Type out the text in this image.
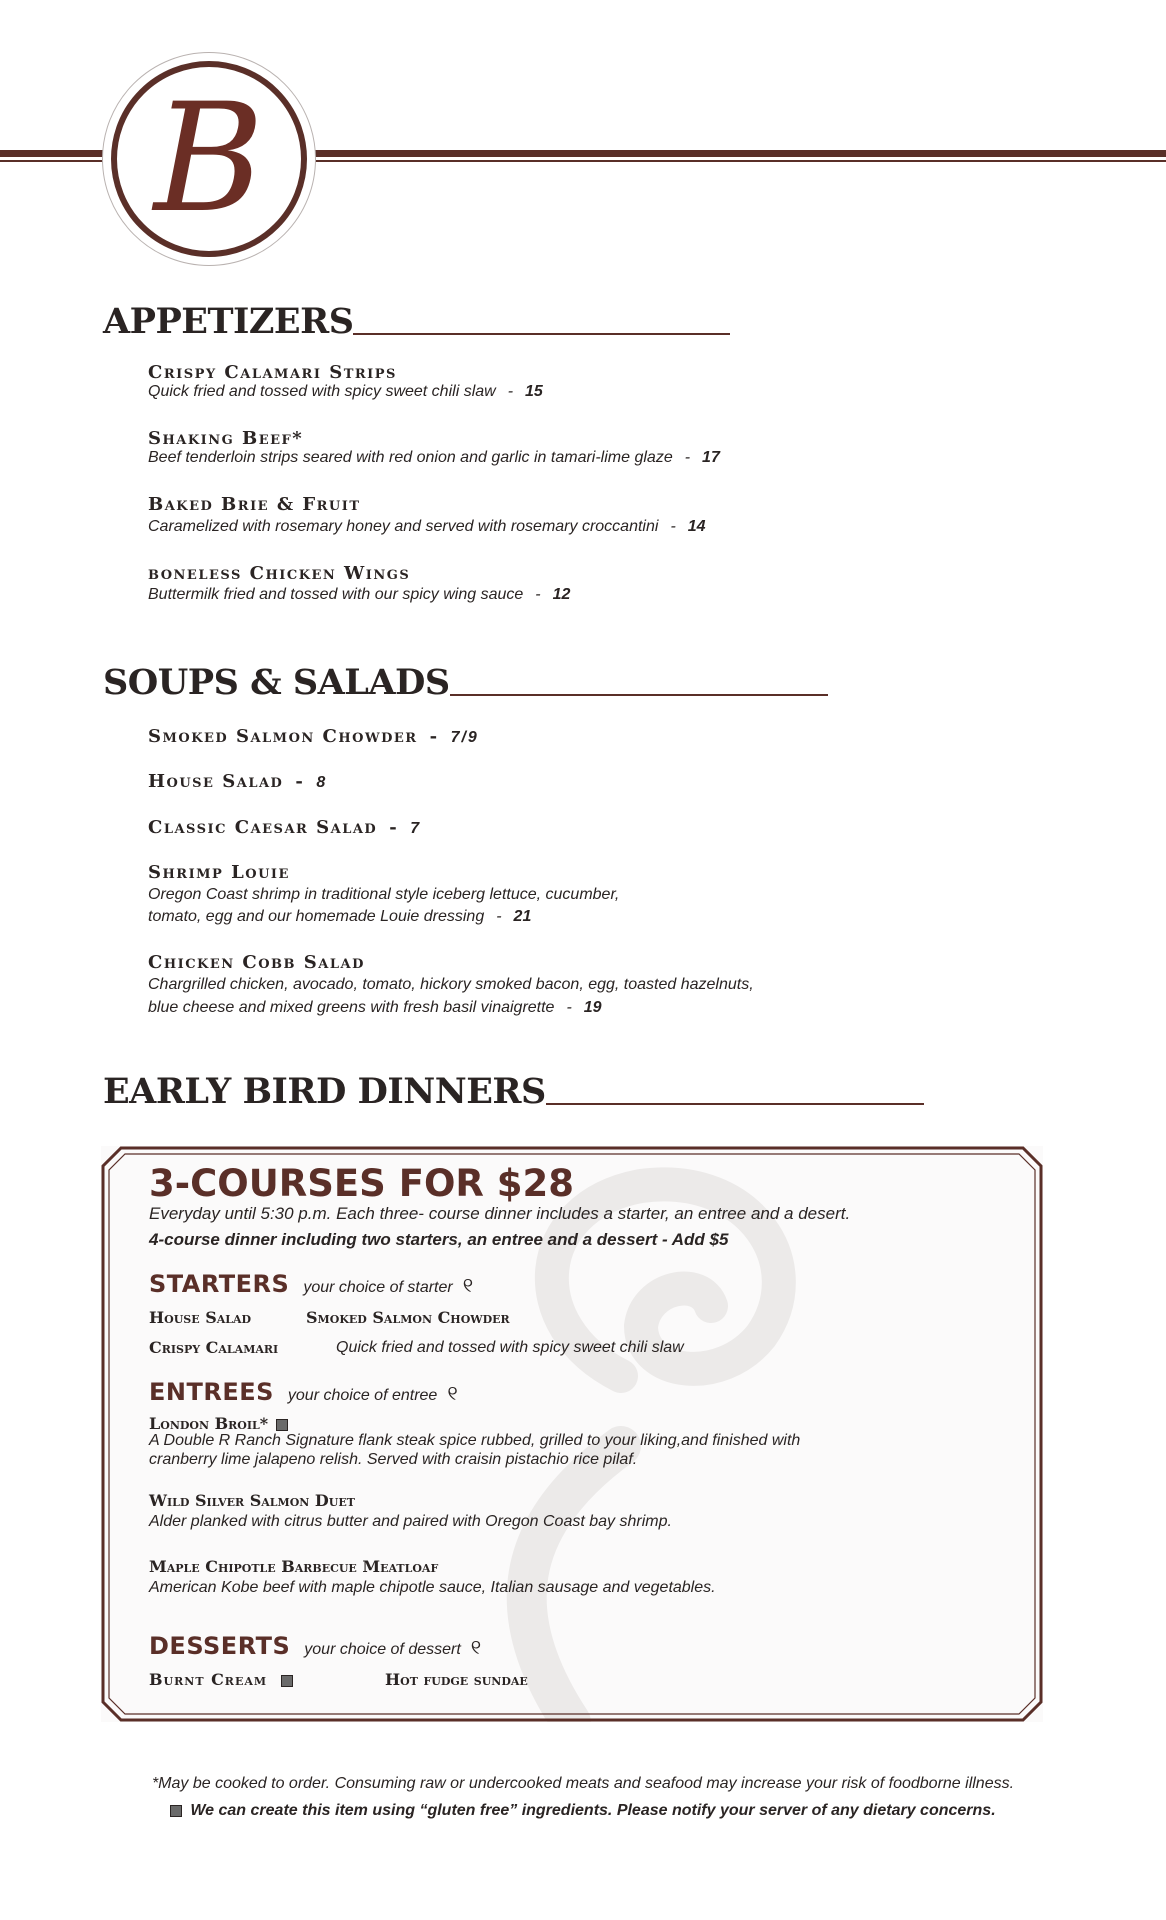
B
APPETIZERS
Crispy Calamari Strips
Quick fried and tossed with spicy sweet chili slaw - 15
Shaking Beef*
Beef tenderloin strips seared with red onion and garlic in tamari-lime glaze - 17
Baked Brie & Fruit
Caramelized with rosemary honey and served with rosemary croccantini - 14
boneless Chicken Wings
Buttermilk fried and tossed with our spicy wing sauce - 12
SOUPS & SALADS
Smoked Salmon Chowder - 7/9
House Salad - 8
Classic Caesar Salad - 7
Shrimp Louie
Oregon Coast shrimp in traditional style iceberg lettuce, cucumber,
tomato, egg and our homemade Louie dressing - 21
Chicken Cobb Salad
Chargrilled chicken, avocado, tomato, hickory smoked bacon, egg, toasted hazelnuts,
blue cheese and mixed greens with fresh basil vinaigrette - 19
EARLY BIRD DINNERS
3-COURSES FOR $28
Everyday until 5:30 p.m. Each three- course dinner includes a starter, an entree and a desert.
4-course dinner including two starters, an entree and a dessert - Add $5
STARTERS your choice of starter ୧
House Salad	Smoked Salmon Chowder
Crispy Calamari	Quick fried and tossed with spicy sweet chili slaw
ENTREES your choice of entree ୧
London Broil*
A Double R Ranch Signature flank steak spice rubbed, grilled to your liking,and finished with
cranberry lime jalapeno relish. Served with craisin pistachio rice pilaf.
Wild Silver Salmon Duet
Alder planked with citrus butter and paired with Oregon Coast bay shrimp.
Maple Chipotle Barbecue Meatloaf
American Kobe beef with maple chipotle sauce, Italian sausage and vegetables.
DESSERTS your choice of dessert ୧
Burnt Cream	Hot fudge sundae
*May be cooked to order. Consuming raw or undercooked meats and seafood may increase your risk of foodborne illness.
We can create this item using “gluten free” ingredients. Please notify your server of any dietary concerns.
